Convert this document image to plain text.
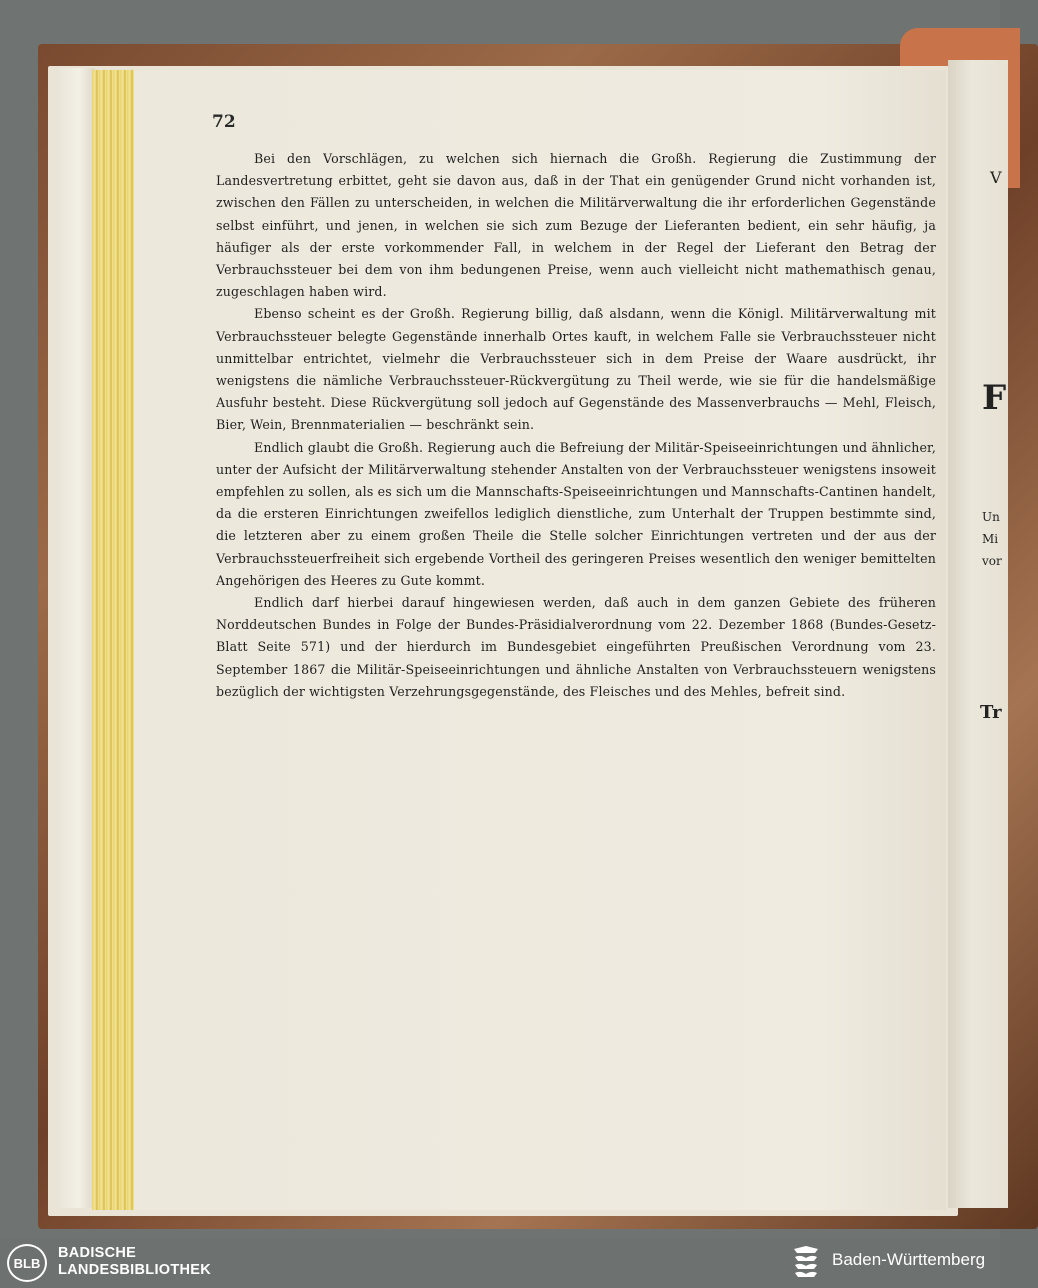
V
F
Un
Mi
vor
Tr
72

Bei den Vorschlägen, zu welchen sich hiernach die Großh. Regierung die Zustimmung der Landesvertretung erbittet, geht sie davon aus, daß in der That ein genügender Grund nicht vorhanden ist, zwischen den Fällen zu unterscheiden, in welchen die Militärverwaltung die ihr erforderlichen Gegenstände selbst einführt, und jenen, in welchen sie sich zum Bezuge der Lieferanten bedient, ein sehr häufig, ja häufiger als der erste vorkommender Fall, in welchem in der Regel der Lieferant den Betrag der Verbrauchssteuer bei dem von ihm bedungenen Preise, wenn auch vielleicht nicht mathemathisch genau, zugeschlagen haben wird.

Ebenso scheint es der Großh. Regierung billig, daß alsdann, wenn die Königl. Militärverwaltung mit Verbrauchssteuer belegte Gegenstände innerhalb Ortes kauft, in welchem Falle sie Verbrauchssteuer nicht unmittelbar entrichtet, vielmehr die Verbrauchssteuer sich in dem Preise der Waare ausdrückt, ihr wenigstens die nämliche Verbrauchssteuer-Rückvergütung zu Theil werde, wie sie für die handelsmäßige Ausfuhr besteht. Diese Rückvergütung soll jedoch auf Gegenstände des Massenverbrauchs — Mehl, Fleisch, Bier, Wein, Brennmaterialien — beschränkt sein.

Endlich glaubt die Großh. Regierung auch die Befreiung der Militär-Speiseeinrichtungen und ähnlicher, unter der Aufsicht der Militärverwaltung stehender Anstalten von der Verbrauchssteuer wenigstens insoweit empfehlen zu sollen, als es sich um die Mannschafts-Speiseeinrichtungen und Mannschafts-Cantinen handelt, da die ersteren Einrichtungen zweifellos lediglich dienstliche, zum Unterhalt der Truppen bestimmte sind, die letzteren aber zu einem großen Theile die Stelle solcher Einrichtungen vertreten und der aus der Verbrauchssteuerfreiheit sich ergebende Vortheil des geringeren Preises wesentlich den weniger bemittelten Angehörigen des Heeres zu Gute kommt.

Endlich darf hierbei darauf hingewiesen werden, daß auch in dem ganzen Gebiete des früheren Norddeutschen Bundes in Folge der Bundes-Präsidialverordnung vom 22. Dezember 1868 (Bundes-Gesetz-Blatt Seite 571) und der hierdurch im Bundesgebiet eingeführten Preußischen Verordnung vom 23. September 1867 die Militär-Speiseeinrichtungen und ähnliche Anstalten von Verbrauchssteuern wenigstens bezüglich der wichtigsten Verzehrungsgegenstände, des Fleisches und des Mehles, befreit sind.

BLB
BADISCHE
LANDESBIBLIOTHEK
Baden-Württemberg
